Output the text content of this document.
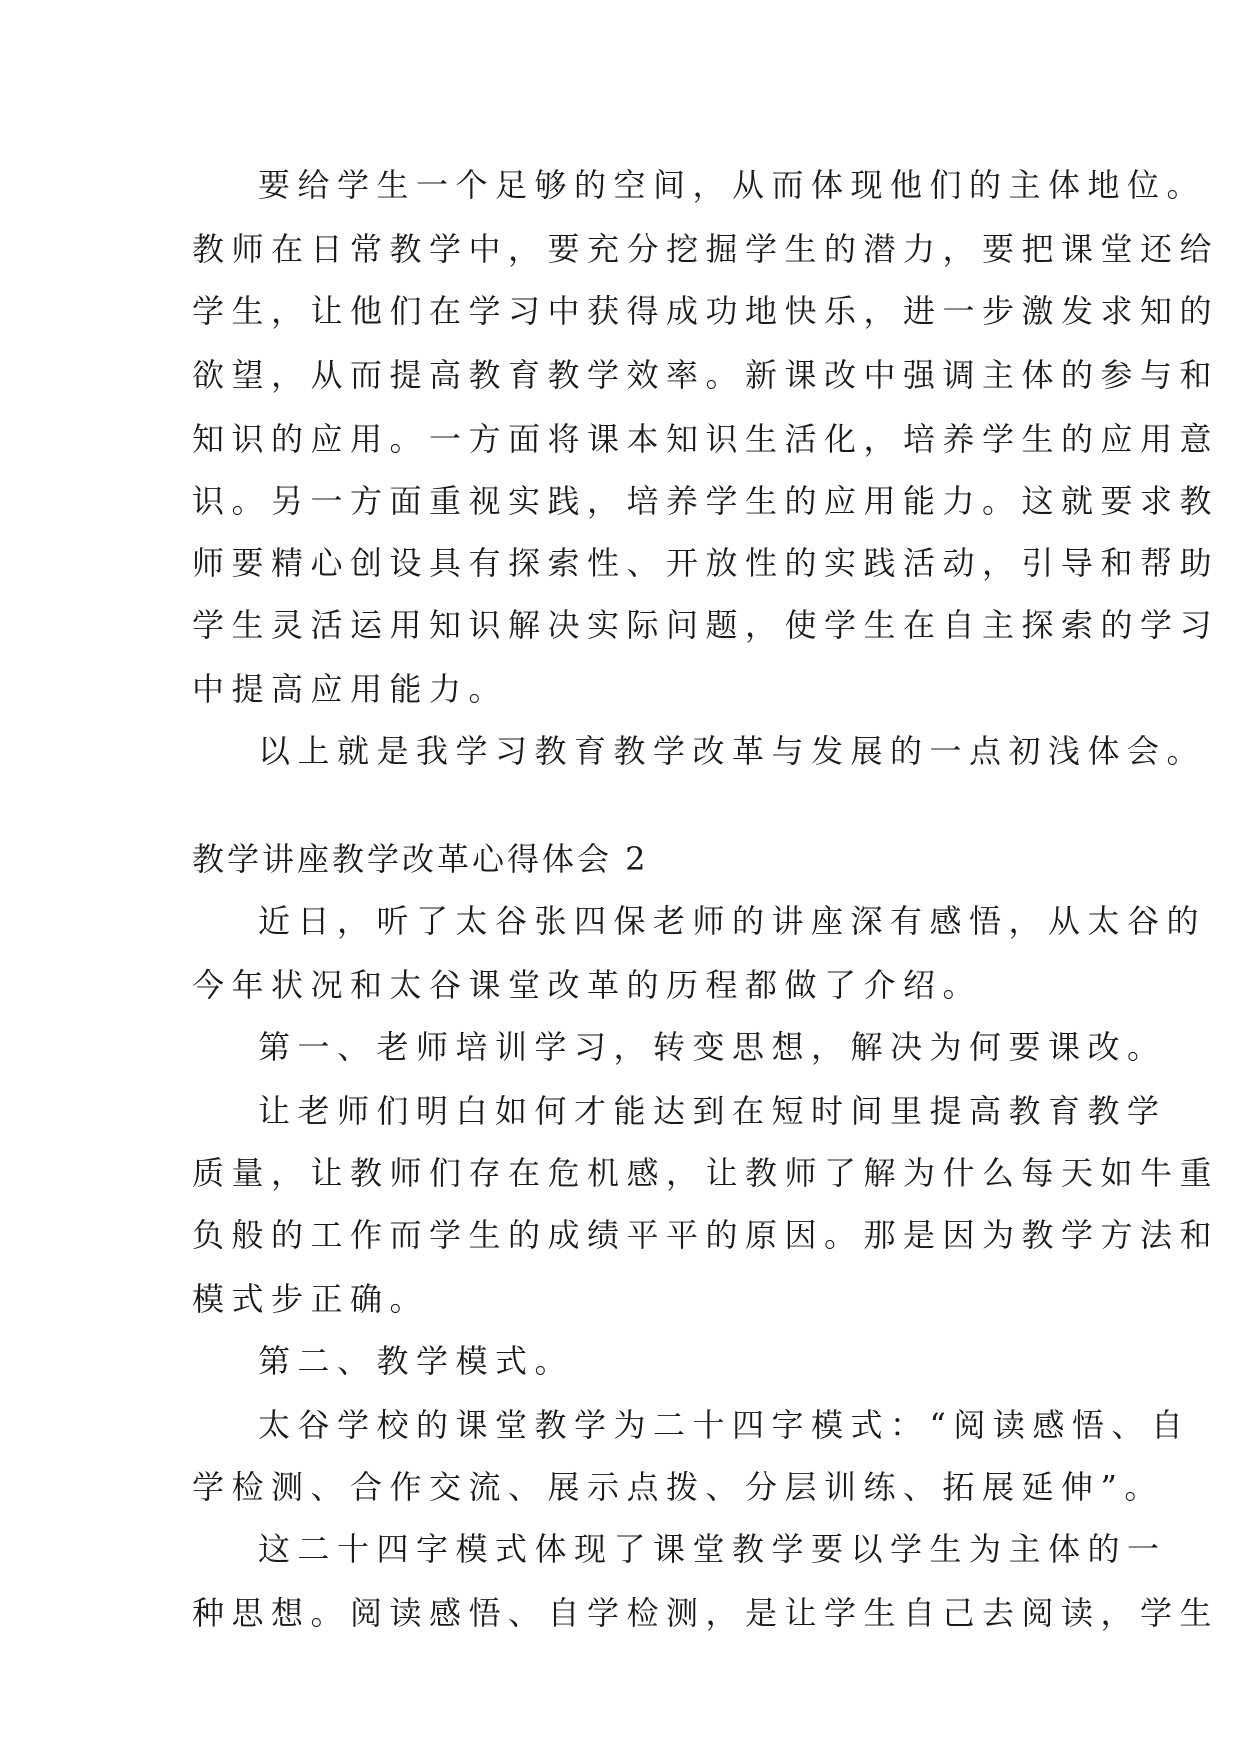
要给学生一个足够的空间，从而体现他们的主体地位。
教师在日常教学中，要充分挖掘学生的潜力，要把课堂还给
学生，让他们在学习中获得成功地快乐，进一步激发求知的
欲望，从而提高教育教学效率。新课改中强调主体的参与和
知识的应用。一方面将课本知识生活化，培养学生的应用意
识。另一方面重视实践，培养学生的应用能力。这就要求教
师要精心创设具有探索性、开放性的实践活动，引导和帮助
学生灵活运用知识解决实际问题，使学生在自主探索的学习
中提高应用能力。
以上就是我学习教育教学改革与发展的一点初浅体会。
教学讲座教学改革心得体会 2
近日，听了太谷张四保老师的讲座深有感悟，从太谷的
今年状况和太谷课堂改革的历程都做了介绍。
第一、老师培训学习，转变思想，解决为何要课改。
让老师们明白如何才能达到在短时间里提高教育教学
质量，让教师们存在危机感，让教师了解为什么每天如牛重
负般的工作而学生的成绩平平的原因。那是因为教学方法和
模式步正确。
第二、教学模式。
太谷学校的课堂教学为二十四字模式：“阅读感悟、自
学检测、合作交流、展示点拨、分层训练、拓展延伸”。
这二十四字模式体现了课堂教学要以学生为主体的一
种思想。阅读感悟、自学检测，是让学生自己去阅读，学生
